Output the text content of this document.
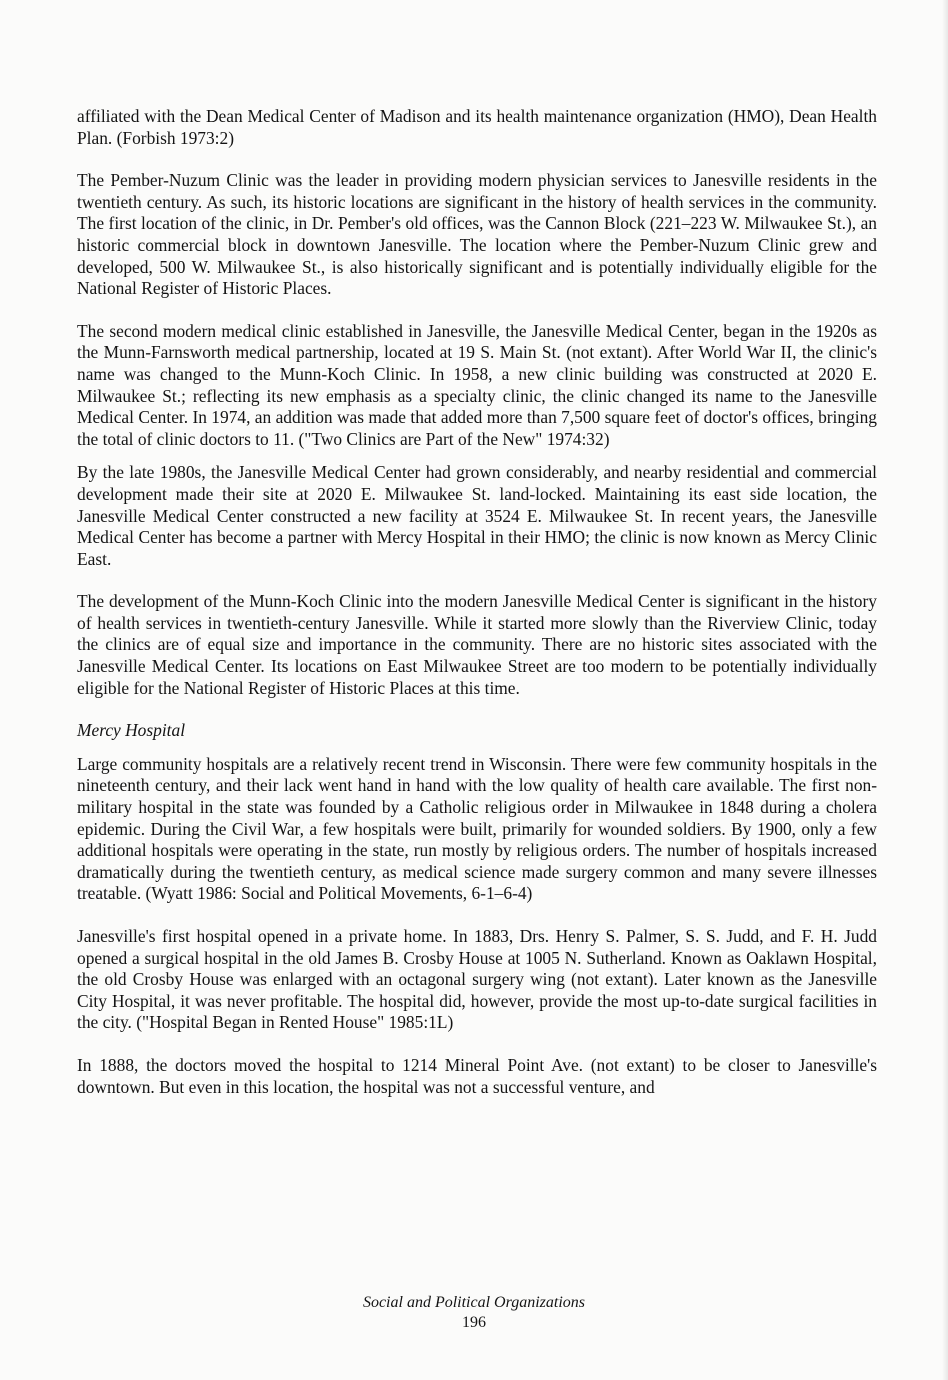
affiliated with the Dean Medical Center of Madison and its health maintenance organization (HMO), Dean Health Plan. (Forbish 1973:2)

The Pember-Nuzum Clinic was the leader in providing modern physician services to Janesville residents in the twentieth century. As such, its historic locations are significant in the history of health services in the community. The first location of the clinic, in Dr. Pember's old offices, was the Cannon Block (221–223 W. Milwaukee St.), an historic commercial block in downtown Janesville. The location where the Pember-Nuzum Clinic grew and developed, 500 W. Milwaukee St., is also historically significant and is potentially individually eligible for the National Register of Historic Places.

The second modern medical clinic established in Janesville, the Janesville Medical Center, began in the 1920s as the Munn-Farnsworth medical partnership, located at 19 S. Main St. (not extant). After World War II, the clinic's name was changed to the Munn-Koch Clinic. In 1958, a new clinic building was constructed at 2020 E. Milwaukee St.; reflecting its new emphasis as a specialty clinic, the clinic changed its name to the Janesville Medical Center. In 1974, an addition was made that added more than 7,500 square feet of doctor's offices, bringing the total of clinic doctors to 11. ("Two Clinics are Part of the New" 1974:32)

By the late 1980s, the Janesville Medical Center had grown considerably, and nearby residential and commercial development made their site at 2020 E. Milwaukee St. land-locked. Maintaining its east side location, the Janesville Medical Center constructed a new facility at 3524 E. Milwaukee St. In recent years, the Janesville Medical Center has become a partner with Mercy Hospital in their HMO; the clinic is now known as Mercy Clinic East.

The development of the Munn-Koch Clinic into the modern Janesville Medical Center is significant in the history of health services in twentieth-century Janesville. While it started more slowly than the Riverview Clinic, today the clinics are of equal size and importance in the community. There are no historic sites associated with the Janesville Medical Center. Its locations on East Milwaukee Street are too modern to be potentially individually eligible for the National Register of Historic Places at this time.

Mercy Hospital

Large community hospitals are a relatively recent trend in Wisconsin. There were few community hospitals in the nineteenth century, and their lack went hand in hand with the low quality of health care available. The first non-military hospital in the state was founded by a Catholic religious order in Milwaukee in 1848 during a cholera epidemic. During the Civil War, a few hospitals were built, primarily for wounded soldiers. By 1900, only a few additional hospitals were operating in the state, run mostly by religious orders. The number of hospitals increased dramatically during the twentieth century, as medical science made surgery common and many severe illnesses treatable. (Wyatt 1986: Social and Political Movements, 6-1–6-4)

Janesville's first hospital opened in a private home. In 1883, Drs. Henry S. Palmer, S. S. Judd, and F. H. Judd opened a surgical hospital in the old James B. Crosby House at 1005 N. Sutherland. Known as Oaklawn Hospital, the old Crosby House was enlarged with an octagonal surgery wing (not extant). Later known as the Janesville City Hospital, it was never profitable. The hospital did, however, provide the most up-to-date surgical facilities in the city. ("Hospital Began in Rented House" 1985:1L)

In 1888, the doctors moved the hospital to 1214 Mineral Point Ave. (not extant) to be closer to Janesville's downtown. But even in this location, the hospital was not a successful venture, and

Social and Political Organizations
196
